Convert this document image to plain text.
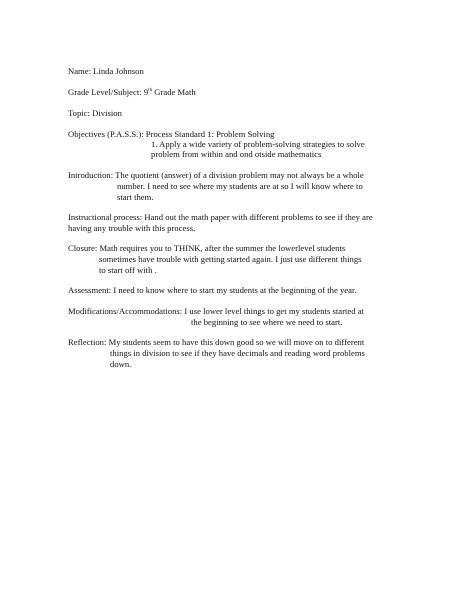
Name: Linda Johnson
Grade Level/Subject: 9th Grade Math
Topic: Division
Objectives (P.A.S.S.): Process Standard 1: Problem Solving
1. Apply a wide variety of problem-solving strategies to solve
problem from within and ond otside mathematics
Introduction: The quotient (answer) of a division problem may not always be a whole
number. I need to see where my students are at so I will know where to
start them.
Instructional process: Hand out the math paper with different problems to see if they are
having any trouble with this process.
Closure: Math requires you to THINK, after the summer the lowerlevel students
sometimes have trouble with getting started again. I just use different things
to start off with .
Assessment: I need to know where to start my students at the beginning of the year.
Modifications/Accommodations: I use lower level things to get my students started at
the beginning to see where we need to start.
Reflection: My students seem to have this down good so we will move on to different
things in division to see if they have decimals and reading word problems
down.
